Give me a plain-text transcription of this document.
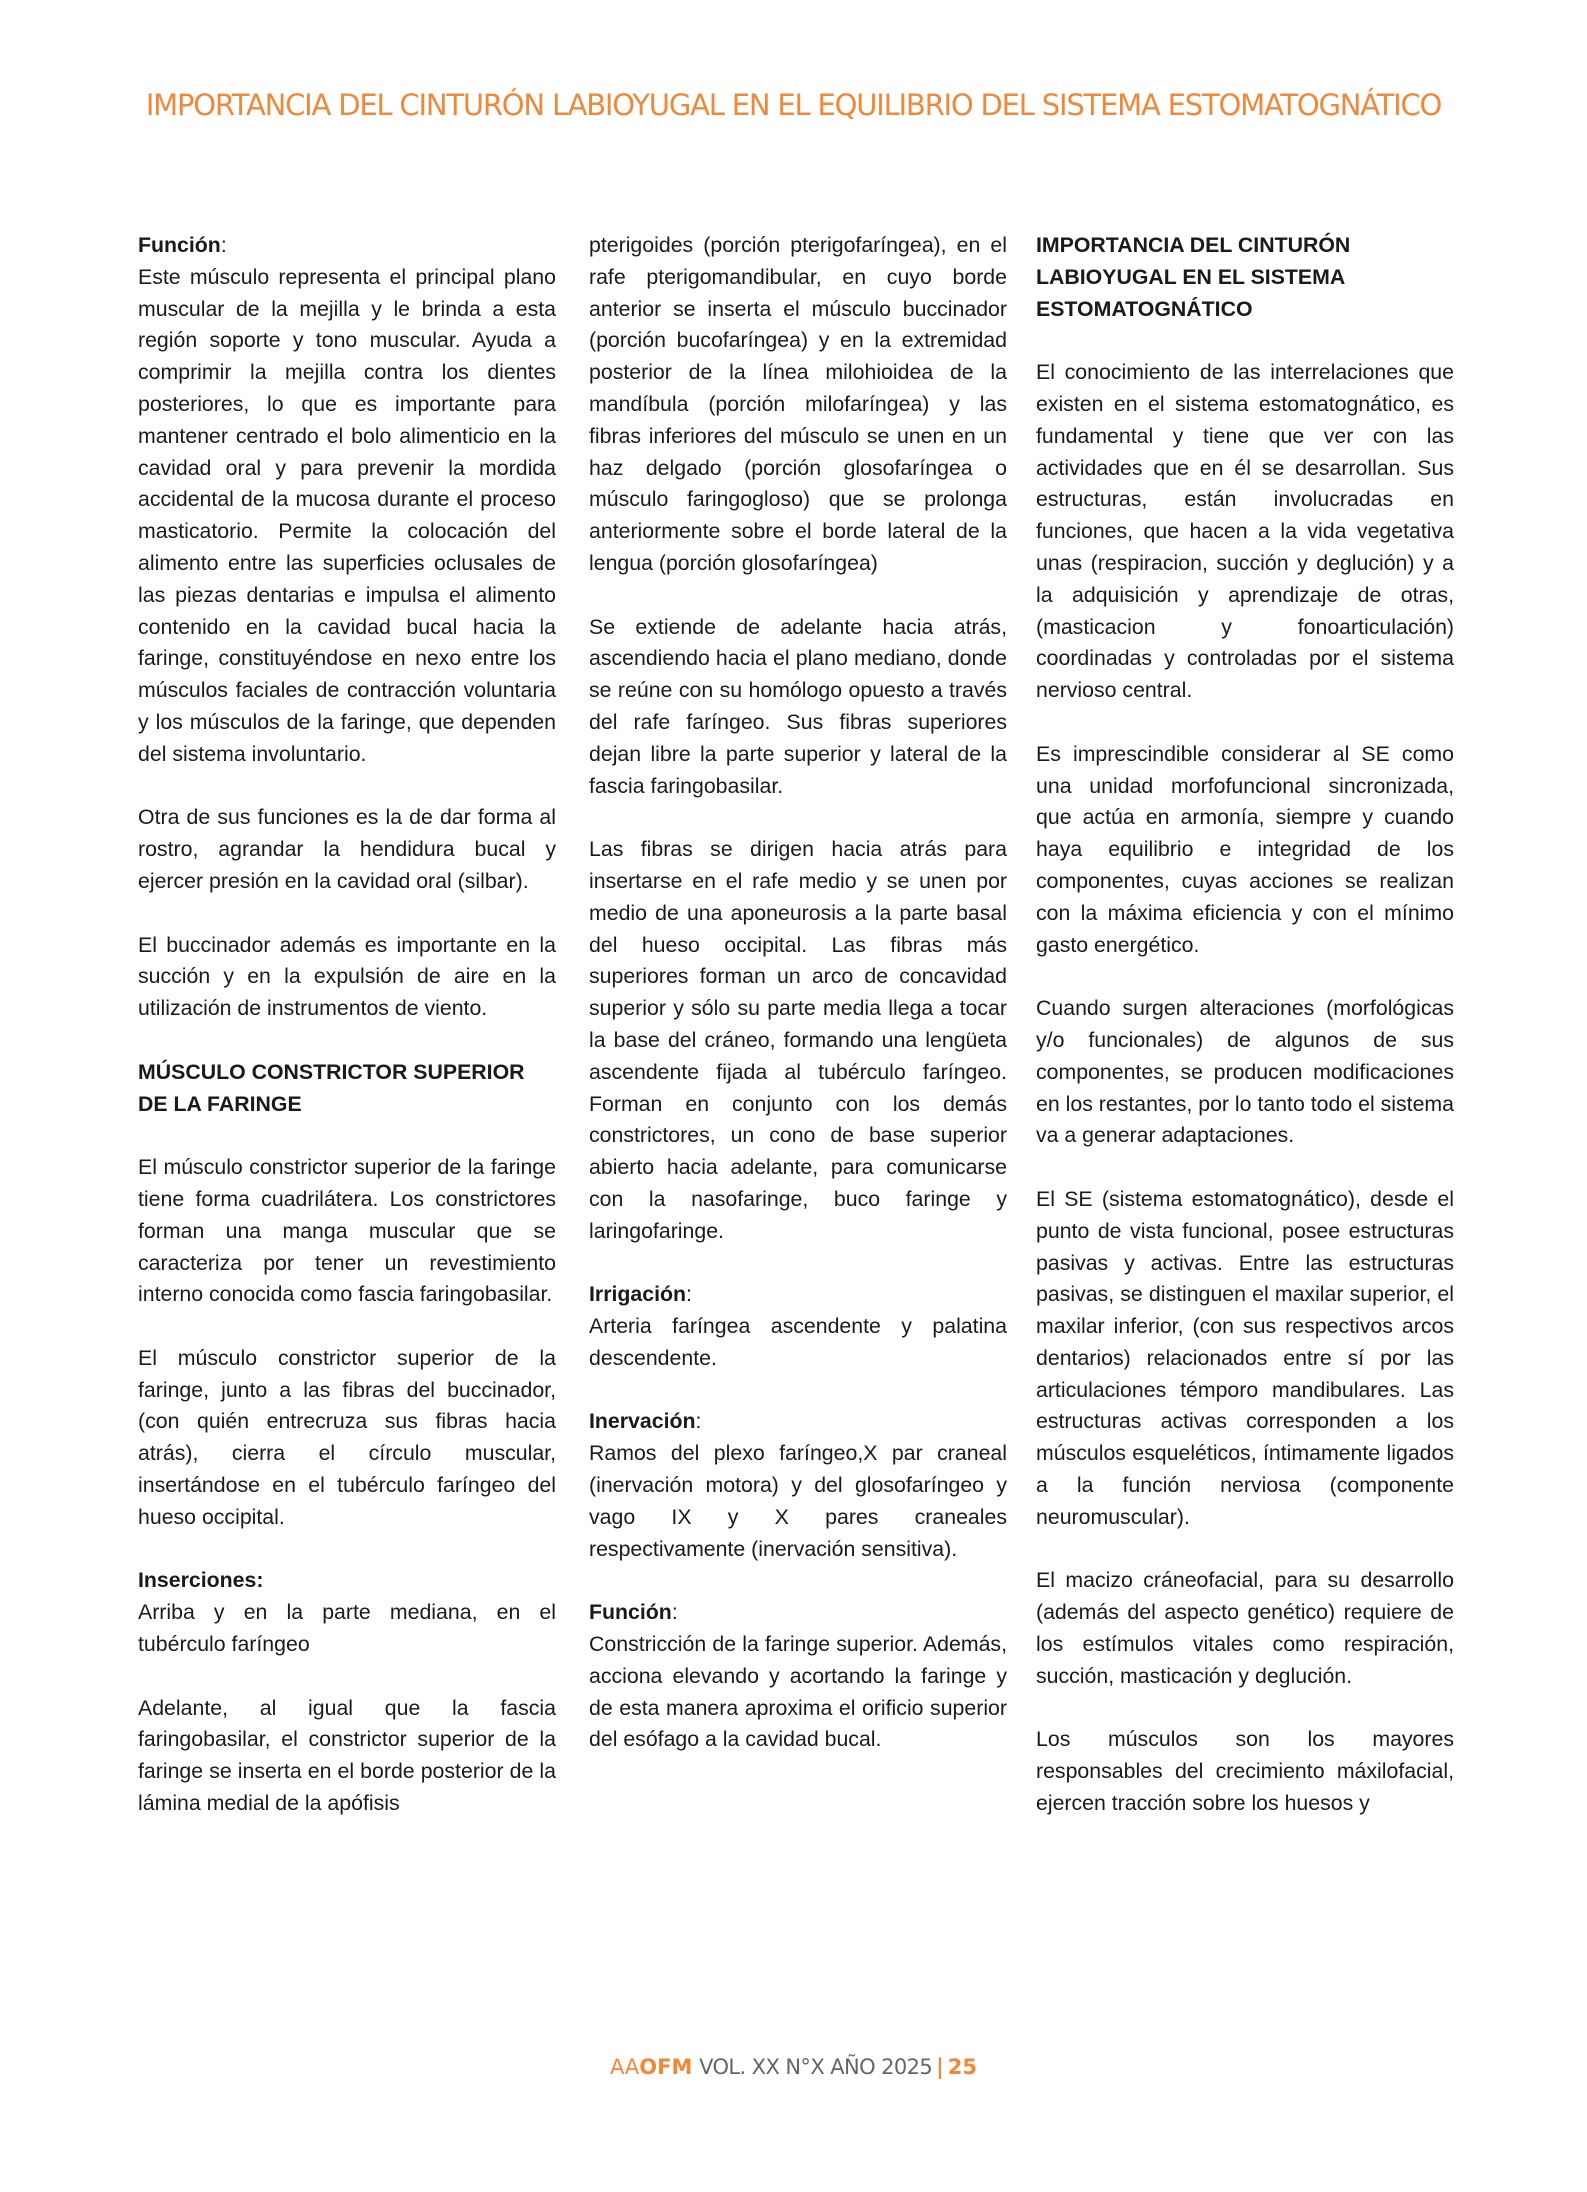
IMPORTANCIA DEL CINTURÓN LABIOYUGAL EN EL EQUILIBRIO DEL SISTEMA ESTOMATOGNÁTICO
Función:
Este músculo representa el principal plano muscular de la mejilla y le brinda a esta región soporte y tono muscular. Ayuda a comprimir la mejilla contra los dientes posteriores, lo que es importante para mantener centrado el bolo alimenticio en la cavidad oral y para prevenir la mordida accidental de la mucosa durante el proceso masticatorio. Permite la colocación del alimento entre las superficies oclusales de las piezas dentarias e impulsa el alimento contenido en la cavidad bucal hacia la faringe, constituyéndose en nexo entre los músculos faciales de contracción voluntaria y los músculos de la faringe, que dependen del sistema involuntario.

Otra de sus funciones es la de dar forma al rostro, agrandar la hendidura bucal y ejercer presión en la cavidad oral (silbar).

El buccinador además es importante en la succión y en la expulsión de aire en la utilización de instrumentos de viento.

MÚSCULO CONSTRICTOR SUPERIOR DE LA FARINGE

El músculo constrictor superior de la faringe tiene forma cuadrilátera. Los constrictores forman una manga muscular que se caracteriza por tener un revestimiento interno conocida como fascia faringobasilar.

El músculo constrictor superior de la faringe, junto a las fibras del buccinador, (con quién entrecruza sus fibras hacia atrás), cierra el círculo muscular, insertándose en el tubérculo faríngeo del hueso occipital.

Inserciones:
Arriba y en la parte mediana, en el tubérculo faríngeo

Adelante, al igual que la fascia faringobasilar, el constrictor superior de la faringe se inserta en el borde posterior de la lámina medial de la apófisis

pterigoides (porción pterigofaríngea), en el rafe pterigomandibular, en cuyo borde anterior se inserta el músculo buccinador (porción bucofaríngea) y en la extremidad posterior de la línea milohioidea de la mandíbula (porción milofaríngea) y las fibras inferiores del músculo se unen en un haz delgado (porción glosofaríngea o músculo faringogloso) que se prolonga anteriormente sobre el borde lateral de la lengua (porción glosofaríngea)

Se extiende de adelante hacia atrás, ascendiendo hacia el plano mediano, donde se reúne con su homólogo opuesto a través del rafe faríngeo. Sus fibras superiores dejan libre la parte superior y lateral de la fascia faringobasilar.

Las fibras se dirigen hacia atrás para insertarse en el rafe medio y se unen por medio de una aponeurosis a la parte basal del hueso occipital. Las fibras más superiores forman un arco de concavidad superior y sólo su parte media llega a tocar la base del cráneo, formando una lengüeta ascendente fijada al tubérculo faríngeo. Forman en conjunto con los demás constrictores, un cono de base superior abierto hacia adelante, para comunicarse con la nasofaringe, buco faringe y laringofaringe.

Irrigación:
Arteria faríngea ascendente y palatina descendente.
Inervación:
Ramos del plexo faríngeo,X par craneal (inervación motora) y del glosofaríngeo y vago IX y X pares craneales respectivamente (inervación sensitiva).
Función:
Constricción de la faringe superior. Además, acciona elevando y acortando la faringe y de esta manera aproxima el orificio superior del esófago a la cavidad bucal.
IMPORTANCIA DEL CINTURÓN LABIOYUGAL EN EL SISTEMA ESTOMATOGNÁTICO

El conocimiento de las interrelaciones que existen en el sistema estomatognático, es fundamental y tiene que ver con las actividades que en él se desarrollan. Sus estructuras, están involucradas en funciones, que hacen a la vida vegetativa unas (respiracion, succión y deglución) y a la adquisición y aprendizaje de otras,(masticacion y fonoarticulación) coordinadas y controladas por el sistema nervioso central.

Es imprescindible considerar al SE como una unidad morfofuncional sincronizada, que actúa en armonía, siempre y cuando haya equilibrio e integridad de los componentes, cuyas acciones se realizan con la máxima eficiencia y con el mínimo gasto energético.

Cuando surgen alteraciones (morfológicas y/o funcionales) de algunos de sus componentes, se producen modificaciones en los restantes, por lo tanto todo el sistema va a generar adaptaciones.

El SE (sistema estomatognático), desde el punto de vista funcional, posee estructuras pasivas y activas. Entre las estructuras pasivas, se distinguen el maxilar superior, el maxilar inferior, (con sus respectivos arcos dentarios) relacionados entre sí por las articulaciones témporo mandibulares. Las estructuras activas corresponden a los músculos esqueléticos, íntimamente ligados a la función nerviosa (componente neuromuscular).

El macizo cráneofacial, para su desarrollo (además del aspecto genético) requiere de los estímulos vitales como respiración, succión, masticación y deglución.

Los músculos son los mayores responsables del crecimiento máxilofacial, ejercen tracción sobre los huesos y

AAOFM VOL. XX N°X AÑO 2025 | 25
